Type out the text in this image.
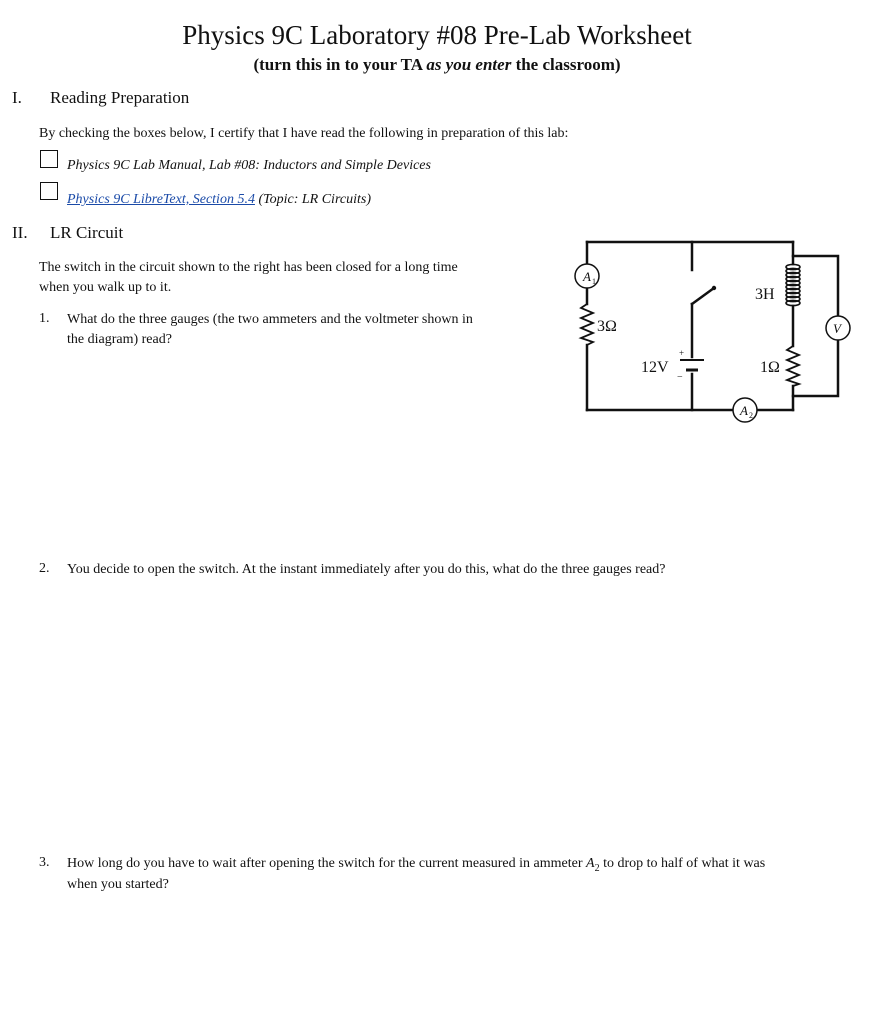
Physics 9C Laboratory #08 Pre-Lab Worksheet
(turn this in to your TA as you enter the classroom)
I. Reading Preparation
By checking the boxes below, I certify that I have read the following in preparation of this lab:
Physics 9C Lab Manual, Lab #08: Inductors and Simple Devices
Physics 9C LibreText, Section 5.4 (Topic: LR Circuits)
II. LR Circuit
The switch in the circuit shown to the right has been closed for a long time
when you walk up to it.
1. What do the three gauges (the two ammeters and the voltmeter shown in
the diagram) read?
2. You decide to open the switch. At the instant immediately after you do this, what do the three gauges read?
3. How long do you have to wait after opening the switch for the current measured in ammeter $A_2$ to drop to half of what it was
when you started?
A 1
A 2
V
3Ω
3H
1Ω
12V
+
−
